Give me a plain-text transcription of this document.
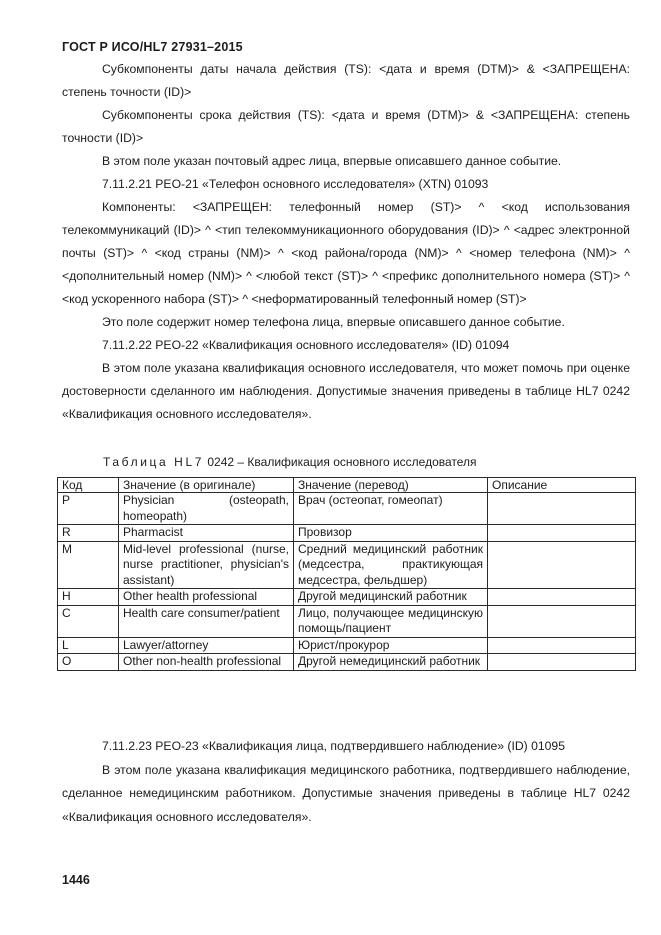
ГОСТ Р ИСО/HL7 27931–2015

Субкомпоненты даты начала действия (TS): <дата и время (DTM)> & <ЗАПРЕЩЕНА: степень точности (ID)>

Субкомпоненты срока действия (TS): <дата и время (DTM)> & <ЗАПРЕЩЕНА: степень точности (ID)>

В этом поле указан почтовый адрес лица, впервые описавшего данное событие.

7.11.2.21 PEO-21 «Телефон основного исследователя» (XTN) 01093

Компоненты: <ЗАПРЕЩЕН: телефонный номер (ST)> ^ <код использования телекоммуникаций (ID)> ^ <тип телекоммуникационного оборудования (ID)> ^ <адрес электронной почты (ST)> ^ <код страны (NM)> ^ <код района/города (NM)> ^ <номер телефона (NM)> ^ <дополнительный номер (NM)> ^ <любой текст (ST)> ^ <префикс дополнительного номера (ST)> ^ <код ускоренного набора (ST)> ^ <неформатированный телефонный номер (ST)>

Это поле содержит номер телефона лица, впервые описавшего данное событие.

7.11.2.22 PEO-22 «Квалификация основного исследователя» (ID) 01094

В этом поле указана квалификация основного исследователя, что может помочь при оценке достоверности сделанного им наблюдения. Допустимые значения приведены в таблице HL7 0242 «Квалификация основного исследователя».

Таблица HL7 0242 – Квалификация основного исследователя
Код	Значение (в оригинале)	Значение (перевод)	Описание
P	Physician (osteopath, homeopath)	Врач (остеопат, гомеопат)	
R	Pharmacist	Провизор	
M	Mid-level professional (nurse, nurse practitioner, physician's assistant)	Средний медицинский работник (медсестра, практикующая медсестра, фельдшер)	
H	Other health professional	Другой медицинский работник	
C	Health care consumer/patient	Лицо, получающее медицинскую помощь/пациент	
L	Lawyer/attorney	Юрист/прокурор	
O	Other non-health professional	Другой немедицинский работник	

7.11.2.23 PEO-23 «Квалификация лица, подтвердившего наблюдение» (ID) 01095

В этом поле указана квалификация медицинского работника, подтвердившего наблюдение, сделанное немедицинским работником. Допустимые значения приведены в таблице HL7 0242 «Квалификация основного исследователя».

1446
